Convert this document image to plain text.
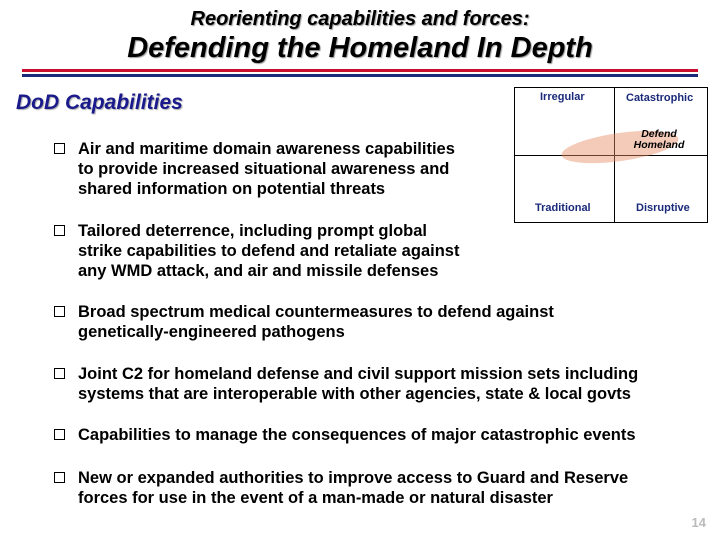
Reorienting capabilities and forces:
Defending the Homeland In Depth
DoD Capabilities	Irregular	Catastrophic
Traditional	Disruptive
Defend
Homeland
Air and maritime domain awareness capabilities
to provide increased situational awareness and
shared information on potential threats
Tailored deterrence, including prompt global
strike capabilities to defend and retaliate against
any WMD attack, and air and missile defenses
Broad spectrum medical countermeasures to defend against
genetically-engineered pathogens
Joint C2 for homeland defense and civil support mission sets including
systems that are interoperable with other agencies, state & local govts
Capabilities to manage the consequences of major catastrophic events
New or expanded authorities to improve access to Guard and Reserve
forces for use in the event of a man-made or natural disaster
14
